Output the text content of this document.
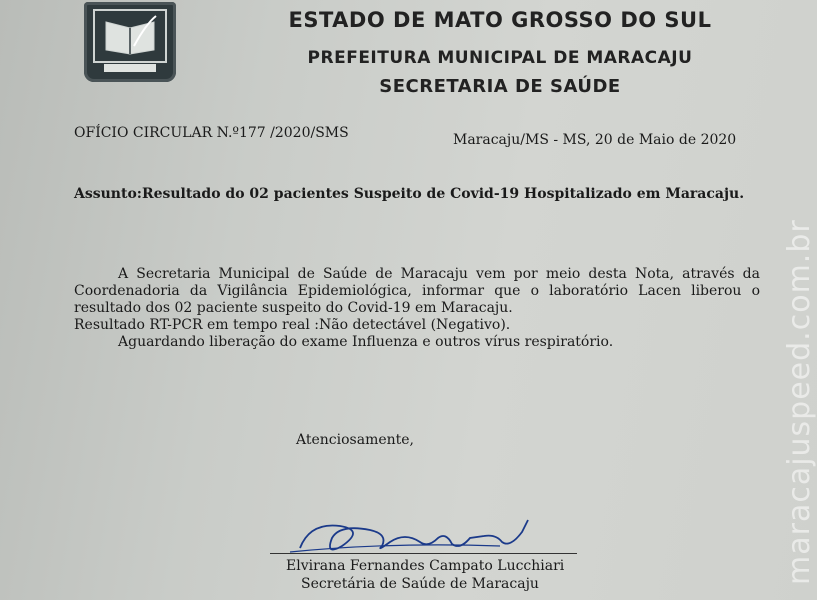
ESTADO DE MATO GROSSO DO SUL
PREFEITURA MUNICIPAL DE MARACAJU
SECRETARIA DE SAÚDE
OFÍCIO CIRCULAR N.º177 /2020/SMS	Maracaju/MS - MS, 20 de Maio de 2020
Assunto:Resultado do 02 pacientes Suspeito de Covid-19 Hospitalizado em Maracaju.

A Secretaria Municipal de Saúde de Maracaju vem por meio desta Nota, através da Coordenadoria da Vigilância Epidemiológica, informar que o laboratório Lacen liberou o resultado dos 02 paciente suspeito do Covid-19 em Maracaju.

Resultado RT-PCR em tempo real :Não detectável (Negativo).

Aguardando liberação do exame Influenza e outros vírus respiratório.

Atenciosamente,
Elvirana Fernandes Campato Lucchiari
Secretária de Saúde de Maracaju	maracajuspeed.com.br
